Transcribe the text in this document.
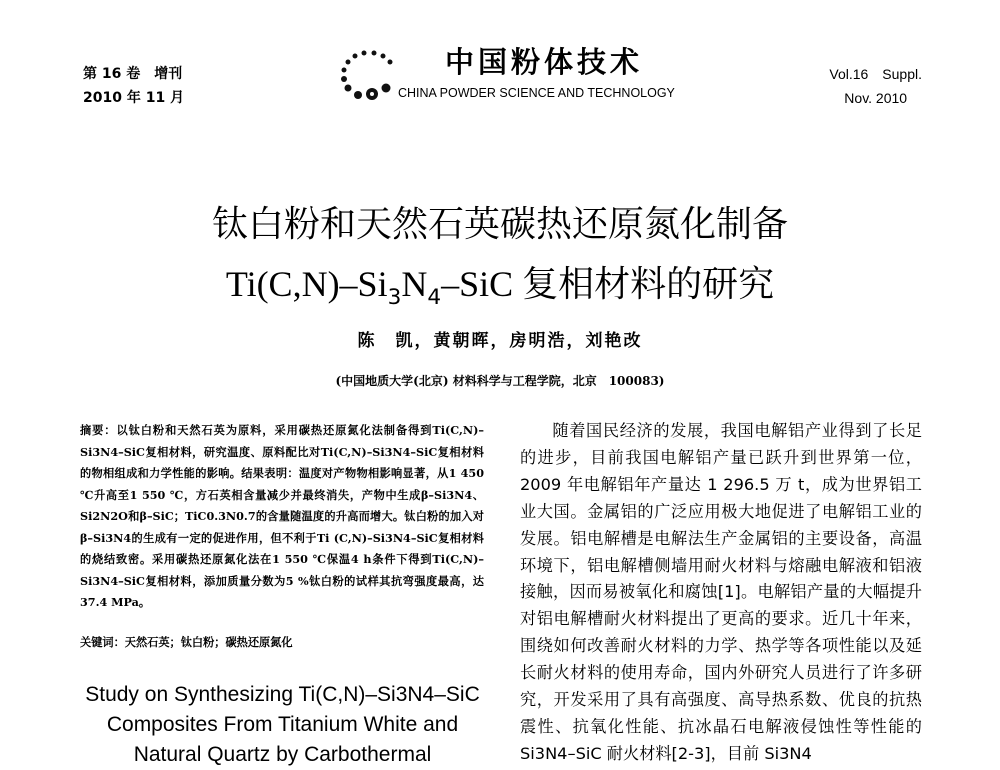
第 16 卷　增刊
2010 年 11 月
中国粉体技术
CHINA POWDER SCIENCE AND TECHNOLOGY
Vol.16　Suppl.
Nov. 2010
钛白粉和天然石英碳热还原氮化制备
$Ti(C,N)-Si_3N_4$–SiC 复相材料的研究
陈　凯，黄朝晖，房明浩，刘艳改
(中国地质大学(北京) 材料科学与工程学院，北京　100083)
摘要：以钛白粉和天然石英为原料，采用碳热还原氮化法制备得到Ti(C,N)–Si3N4–SiC复相材料，研究温度、原料配比对Ti(C,N)–Si3N4–SiC复相材料的物相组成和力学性能的影响。结果表明：温度对产物物相影响显著，从1 450 ℃升高至1 550 ℃，方石英相含量减少并最终消失，产物中生成β–Si3N4、Si2N2O和β–SiC；TiC0.3N0.7的含量随温度的升高而增大。钛白粉的加入对β–Si3N4的生成有一定的促进作用，但不利于Ti (C,N)–Si3N4–SiC复相材料的烧结致密。采用碳热还原氮化法在1 550 ℃保温4 h条件下得到Ti(C,N)–Si3N4–SiC复相材料，添加质量分数为5 %钛白粉的试样其抗弯强度最高，达37.4 MPa。
关键词：天然石英；钛白粉；碳热还原氮化
Study on Synthesizing Ti(C,N)–Si3N4–SiC
Composites From Titanium White and
Natural Quartz by Carbothermal

随着国民经济的发展，我国电解铝产业得到了长足的进步，目前我国电解铝产量已跃升到世界第一位，2009 年电解铝年产量达 1 296.5 万 t，成为世界铝工业大国。金属铝的广泛应用极大地促进了电解铝工业的发展。铝电解槽是电解法生产金属铝的主要设备，高温环境下，铝电解槽侧墙用耐火材料与熔融电解液和铝液接触，因而易被氧化和腐蚀[1]。电解铝产量的大幅提升对铝电解槽耐火材料提出了更高的要求。近几十年来，围绕如何改善耐火材料的力学、热学等各项性能以及延长耐火材料的使用寿命，国内外研究人员进行了许多研究，开发采用了具有高强度、高导热系数、优良的抗热震性、抗氧化性能、抗冰晶石电解液侵蚀性等性能的 Si3N4–SiC 耐火材料[2-3]，目前 Si3N4
